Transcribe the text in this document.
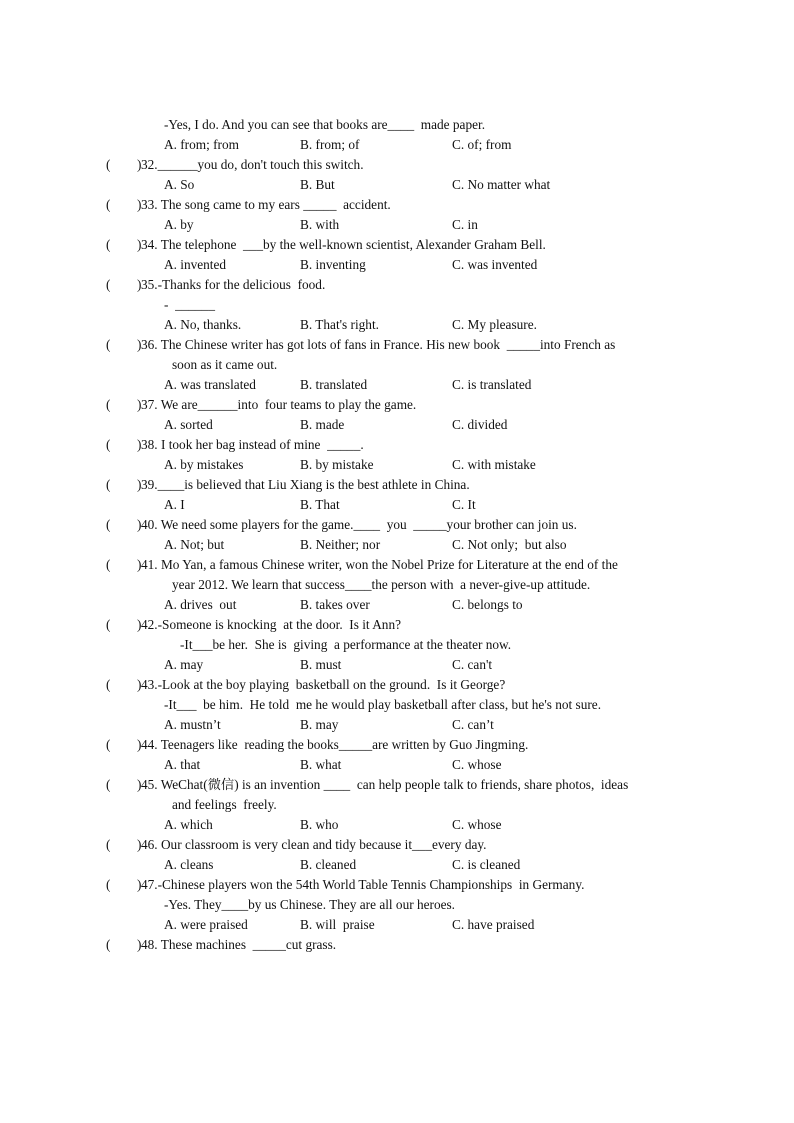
-Yes, I do. And you can see that books are____  made paper.
A. from; from	B. from; of	C. of; from
(        ) 32.______you do, don't touch this switch.
A. So	B. But	C. No matter what
(        ) 33. The song came to my ears _____  accident.
A. by	B. with	C. in
(        ) 34. The telephone  ___by the well-known scientist, Alexander Graham Bell.
A. invented	B. inventing	C. was invented
(        ) 35.-Thanks for the delicious  food.
-  ______
A. No, thanks.	B. That's right.	C. My pleasure.
(        ) 36. The Chinese writer has got lots of fans in France. His new book  _____into French as
soon as it came out.
A. was translated	B. translated	C. is translated
(        ) 37. We are______into  four teams to play the game.
A. sorted	B. made	C. divided
(        ) 38. I took her bag instead of mine  _____.
A. by mistakes	B. by mistake	C. with mistake
(        ) 39.____is believed that Liu Xiang is the best athlete in China.
A. I	B. That	C. It
(        ) 40. We need some players for the game.____  you  _____your brother can join us.
A. Not; but	B. Neither; nor	C. Not only;  but also
(        ) 41. Mo Yan, a famous Chinese writer, won the Nobel Prize for Literature at the end of the
year 2012. We learn that success____the person with  a never-give-up attitude.
A. drives  out	B. takes over	C. belongs to
(        ) 42.-Someone is knocking  at the door.  Is it Ann?
-It___be her.  She is  giving  a performance at the theater now.
A. may	B. must	C. can't
(        ) 43.-Look at the boy playing  basketball on the ground.  Is it George?
-It___  be him.  He told  me he would play basketball after class, but he's not sure.
A. mustn’t	B. may	C. can’t
(        ) 44. Teenagers like  reading the books_____are written by Guo Jingming.
A. that	B. what	C. whose
(        ) 45. WeChat(微信) is an invention ____  can help people talk to friends, share photos,  ideas
and feelings  freely.
A. which	B. who	C. whose
(        ) 46. Our classroom is very clean and tidy because it___every day.
A. cleans	B. cleaned	C. is cleaned
(        ) 47.-Chinese players won the 54th World Table Tennis Championships  in Germany.
-Yes. They____by us Chinese. They are all our heroes.
A. were praised	B. will  praise	C. have praised
(        ) 48. These machines  _____cut grass.
